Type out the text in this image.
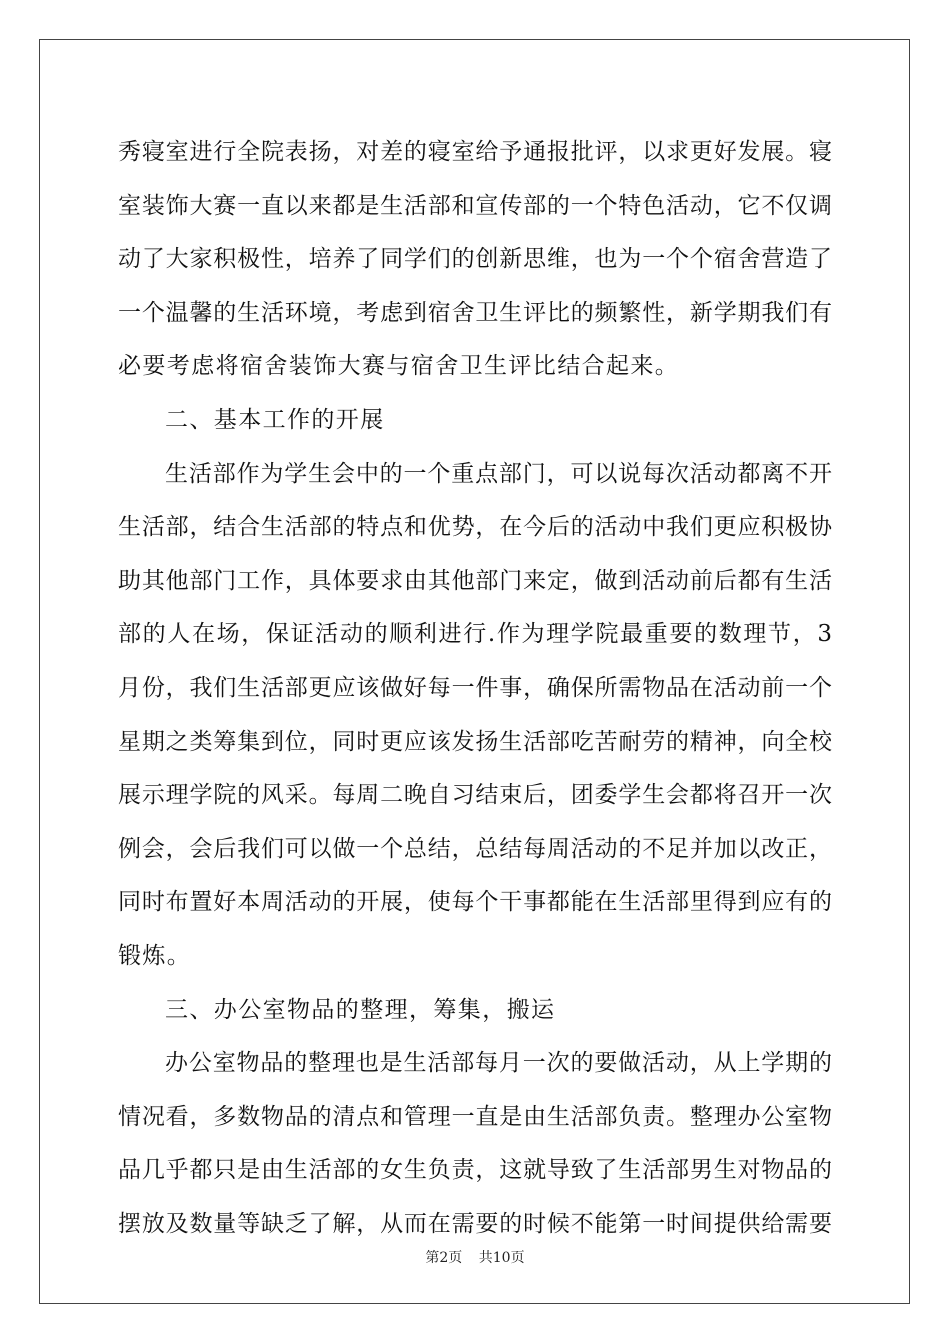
秀寝室进行全院表扬，对差的寝室给予通报批评，以求更好发展。寝
室装饰大赛一直以来都是生活部和宣传部的一个特色活动，它不仅调
动了大家积极性，培养了同学们的创新思维，也为一个个宿舍营造了
一个温馨的生活环境，考虑到宿舍卫生评比的频繁性，新学期我们有
必要考虑将宿舍装饰大赛与宿舍卫生评比结合起来。
二、基本工作的开展
生活部作为学生会中的一个重点部门，可以说每次活动都离不开
生活部，结合生活部的特点和优势，在今后的活动中我们更应积极协
助其他部门工作，具体要求由其他部门来定，做到活动前后都有生活
部的人在场，保证活动的顺利进行.作为理学院最重要的数理节，3
月份，我们生活部更应该做好每一件事，确保所需物品在活动前一个
星期之类筹集到位，同时更应该发扬生活部吃苦耐劳的精神，向全校
展示理学院的风采。每周二晚自习结束后，团委学生会都将召开一次
例会，会后我们可以做一个总结，总结每周活动的不足并加以改正，
同时布置好本周活动的开展，使每个干事都能在生活部里得到应有的
锻炼。
三、办公室物品的整理，筹集，搬运
办公室物品的整理也是生活部每月一次的要做活动，从上学期的
情况看，多数物品的清点和管理一直是由生活部负责。整理办公室物
品几乎都只是由生活部的女生负责，这就导致了生活部男生对物品的
摆放及数量等缺乏了解，从而在需要的时候不能第一时间提供给需要
第2页 共10页
